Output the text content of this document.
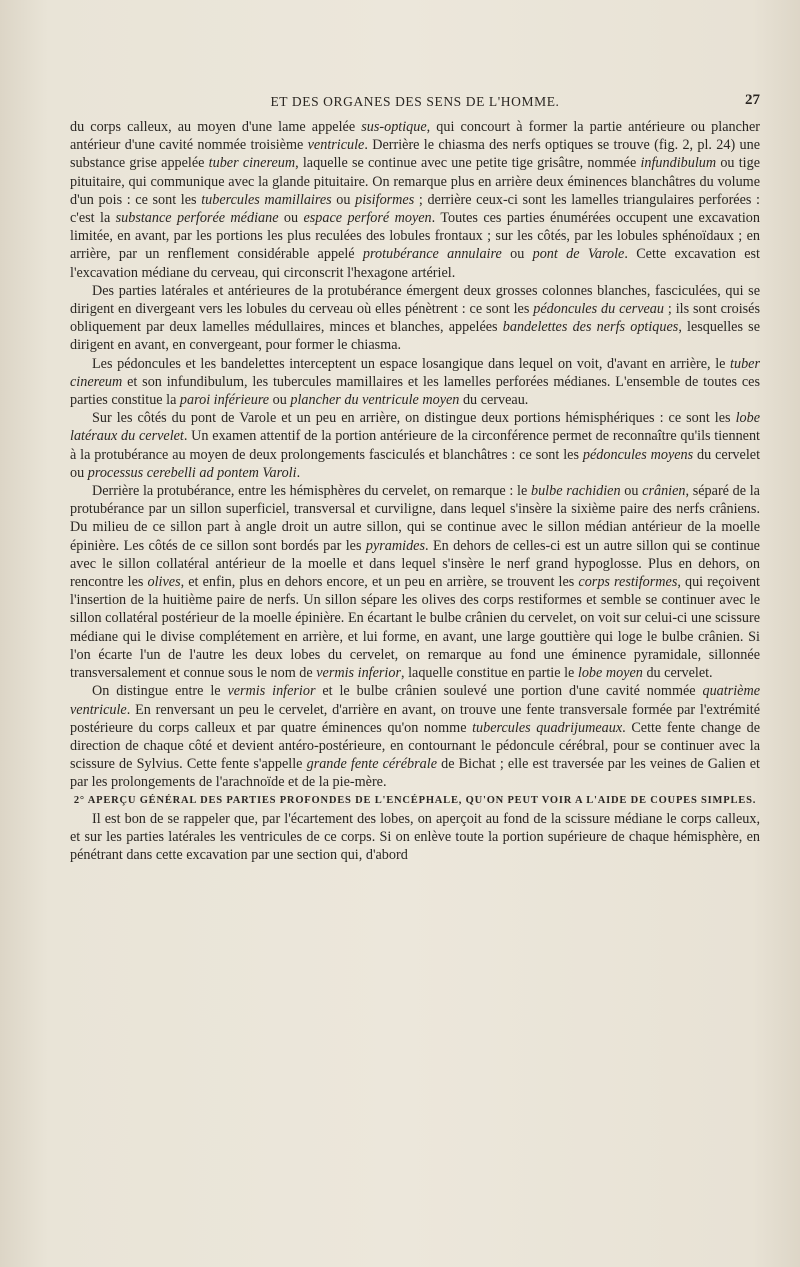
ET DES ORGANES DES SENS DE L'HOMME.	27

du corps calleux, au moyen d'une lame appelée sus-optique, qui concourt à former la partie antérieure ou plancher antérieur d'une cavité nommée troisième ventricule. Derrière le chiasma des nerfs optiques se trouve (fig. 2, pl. 24) une substance grise appelée tuber cinereum, laquelle se continue avec une petite tige grisâtre, nommée infundibulum ou tige pituitaire, qui communique avec la glande pituitaire. On remarque plus en arrière deux éminences blanchâtres du volume d'un pois : ce sont les tubercules mamillaires ou pisiformes ; derrière ceux-ci sont les lamelles triangulaires perforées : c'est la substance perforée médiane ou espace perforé moyen. Toutes ces parties énumérées occupent une excavation limitée, en avant, par les portions les plus reculées des lobules frontaux ; sur les côtés, par les lobules sphénoïdaux ; en arrière, par un renflement considérable appelé protubérance annulaire ou pont de Varole. Cette excavation est l'excavation médiane du cerveau, qui circonscrit l'hexagone artériel.

Des parties latérales et antérieures de la protubérance émergent deux grosses colonnes blanches, fasciculées, qui se dirigent en divergeant vers les lobules du cerveau où elles pénètrent : ce sont les pédoncules du cerveau ; ils sont croisés obliquement par deux lamelles médullaires, minces et blanches, appelées bandelettes des nerfs optiques, lesquelles se dirigent en avant, en convergeant, pour former le chiasma.

Les pédoncules et les bandelettes interceptent un espace losangique dans lequel on voit, d'avant en arrière, le tuber cinereum et son infundibulum, les tubercules mamillaires et les lamelles perforées médianes. L'ensemble de toutes ces parties constitue la paroi inférieure ou plancher du ventricule moyen du cerveau.

Sur les côtés du pont de Varole et un peu en arrière, on distingue deux portions hémisphériques : ce sont les lobe latéraux du cervelet. Un examen attentif de la portion antérieure de la circonférence permet de reconnaître qu'ils tiennent à la protubérance au moyen de deux prolongements fasciculés et blanchâtres : ce sont les pédoncules moyens du cervelet ou processus cerebelli ad pontem Varoli.

Derrière la protubérance, entre les hémisphères du cervelet, on remarque : le bulbe rachidien ou crânien, séparé de la protubérance par un sillon superficiel, transversal et curviligne, dans lequel s'insère la sixième paire des nerfs crâniens. Du milieu de ce sillon part à angle droit un autre sillon, qui se continue avec le sillon médian antérieur de la moelle épinière. Les côtés de ce sillon sont bordés par les pyramides. En dehors de celles-ci est un autre sillon qui se continue avec le sillon collatéral antérieur de la moelle et dans lequel s'insère le nerf grand hypoglosse. Plus en dehors, on rencontre les olives, et enfin, plus en dehors encore, et un peu en arrière, se trouvent les corps restiformes, qui reçoivent l'insertion de la huitième paire de nerfs. Un sillon sépare les olives des corps restiformes et semble se continuer avec le sillon collatéral postérieur de la moelle épinière. En écartant le bulbe crânien du cervelet, on voit sur celui-ci une scissure médiane qui le divise complétement en arrière, et lui forme, en avant, une large gouttière qui loge le bulbe crânien. Si l'on écarte l'un de l'autre les deux lobes du cervelet, on remarque au fond une éminence pyramidale, sillonnée transversalement et connue sous le nom de vermis inferior, laquelle constitue en partie le lobe moyen du cervelet.

On distingue entre le vermis inferior et le bulbe crânien soulevé une portion d'une cavité nommée quatrième ventricule. En renversant un peu le cervelet, d'arrière en avant, on trouve une fente transversale formée par l'extrémité postérieure du corps calleux et par quatre éminences qu'on nomme tubercules quadrijumeaux. Cette fente change de direction de chaque côté et devient antéro-postérieure, en contournant le pédoncule cérébral, pour se continuer avec la scissure de Sylvius. Cette fente s'appelle grande fente cérébrale de Bichat ; elle est traversée par les veines de Galien et par les prolongements de l'arachnoïde et de la pie-mère.

2° APERÇU GÉNÉRAL DES PARTIES PROFONDES DE L'ENCÉPHALE, QU'ON PEUT VOIR A L'AIDE DE COUPES SIMPLES.

Il est bon de se rappeler que, par l'écartement des lobes, on aperçoit au fond de la scissure médiane le corps calleux, et sur les parties latérales les ventricules de ce corps. Si on enlève toute la portion supérieure de chaque hémisphère, en pénétrant dans cette excavation par une section qui, d'abord
